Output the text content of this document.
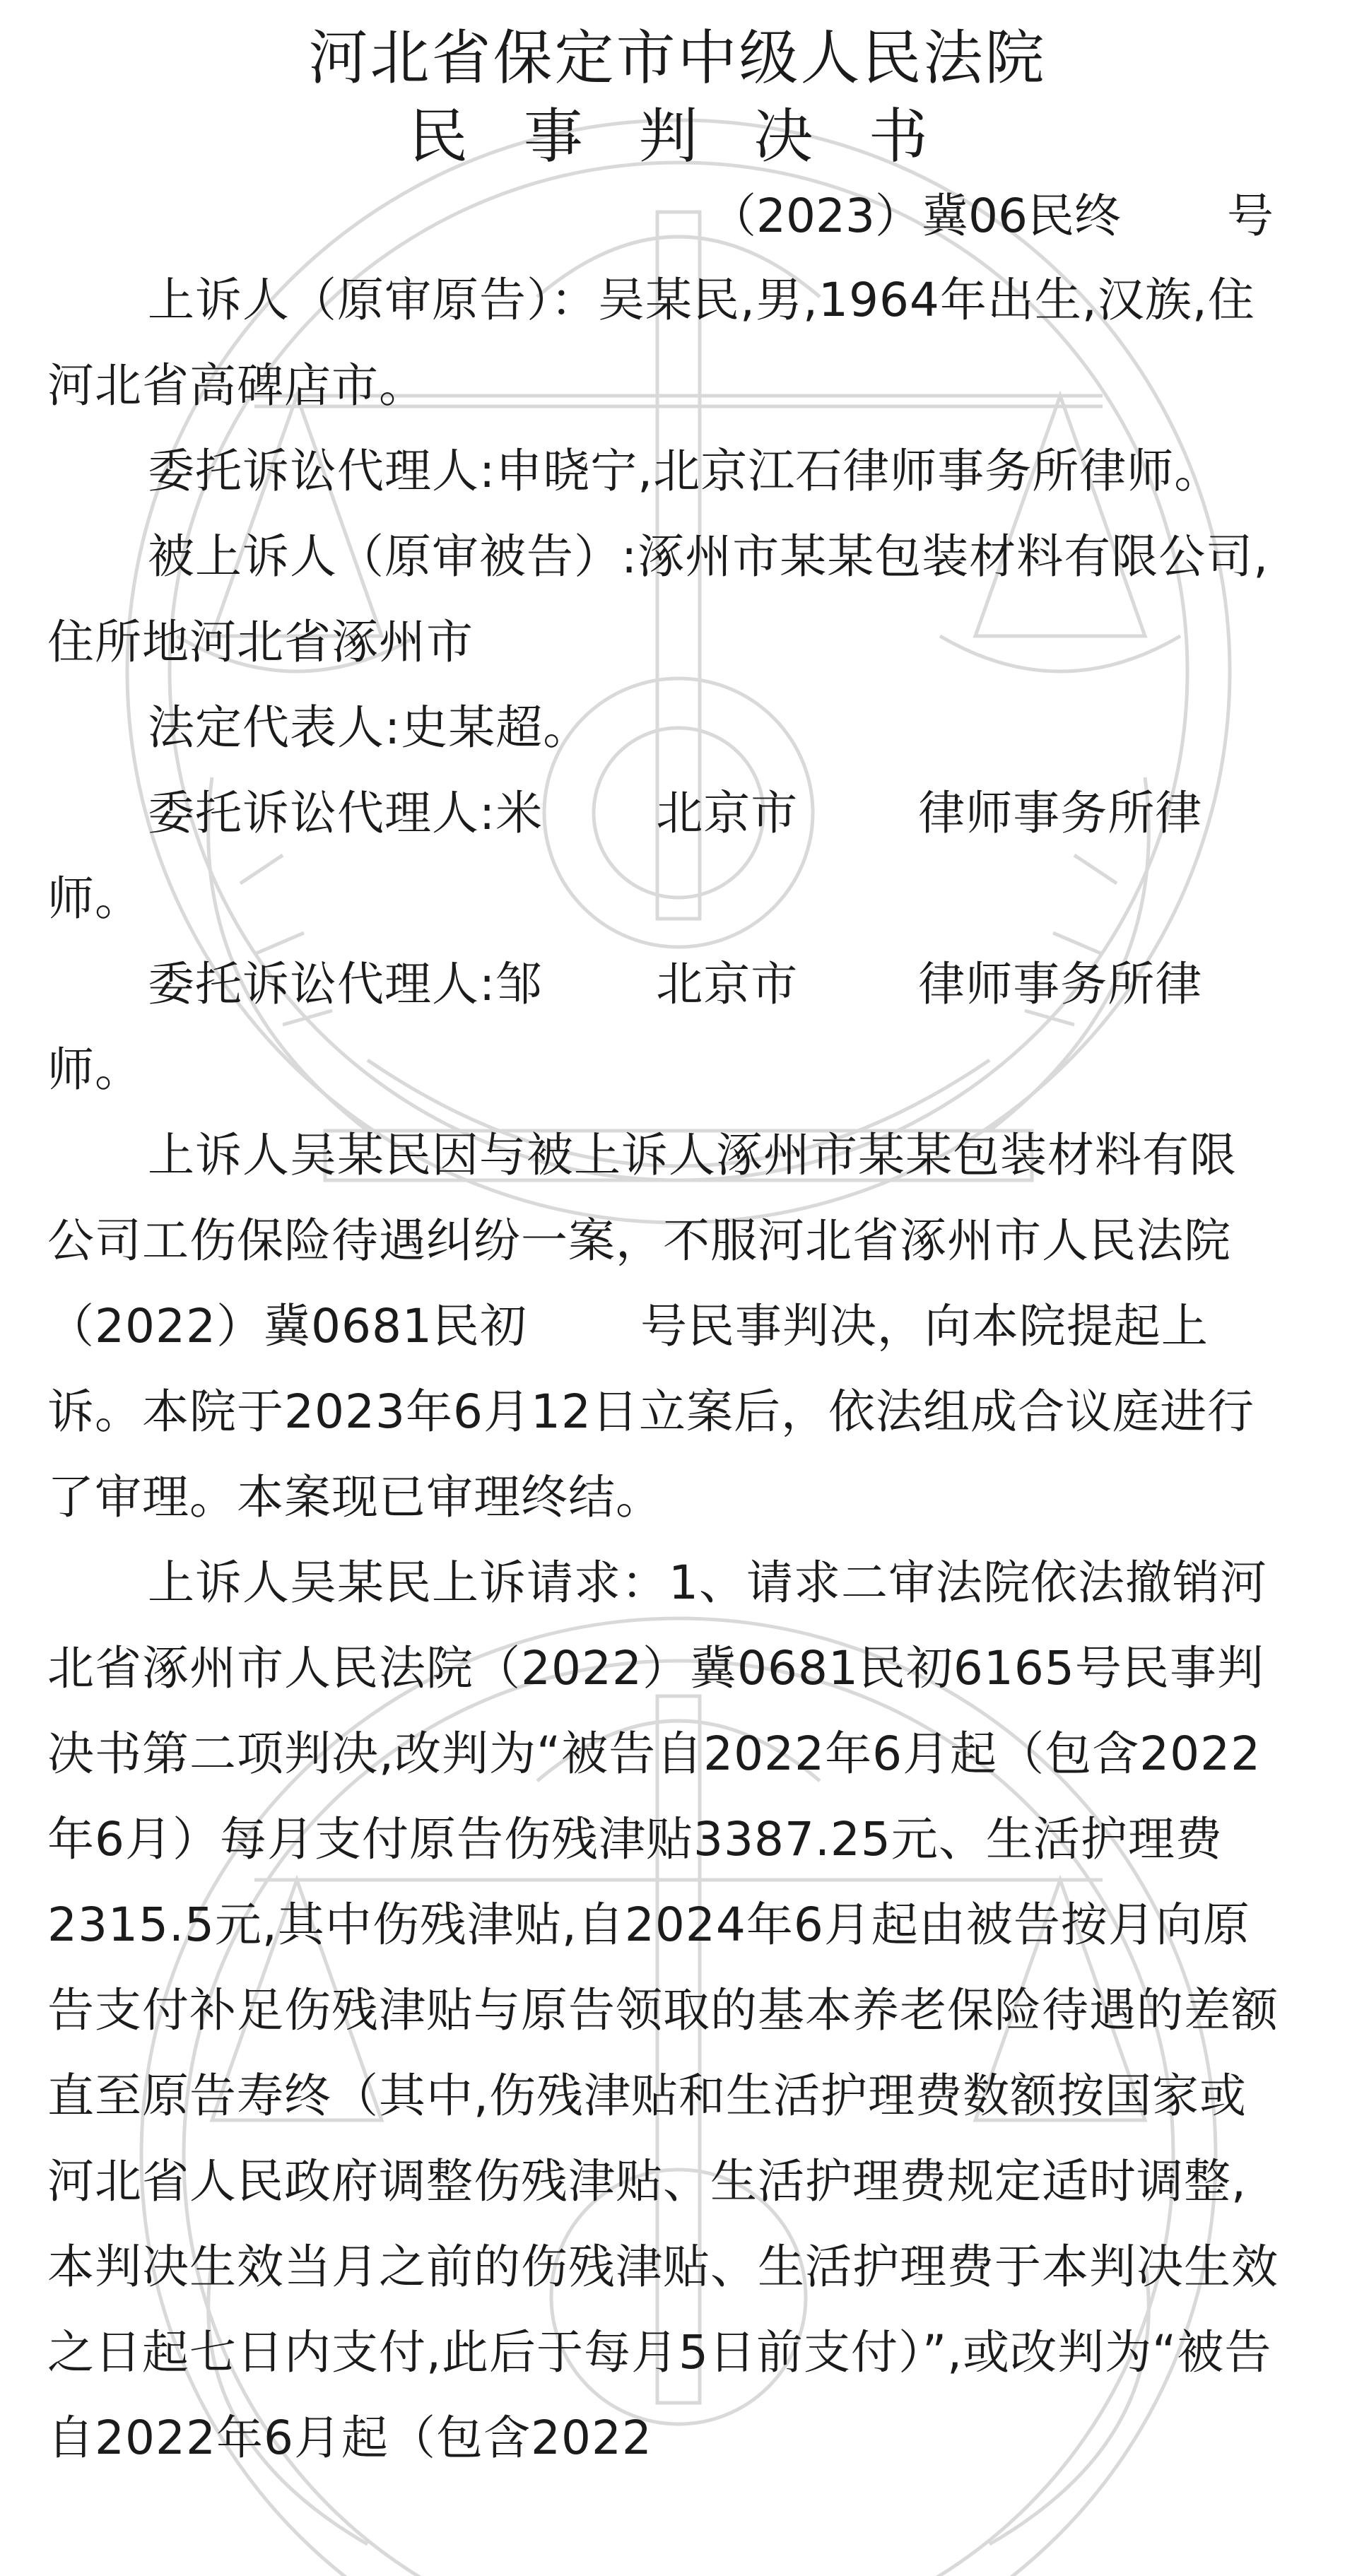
河北省保定市中级人民法院
民 事 判 决 书

（2023）冀06民终 号

上诉人（原审原告）：吴某民,男,1964年出生,汉族,住河北省高碑店市。

委托诉讼代理人:申晓宁,北京江石律师事务所律师。

被上诉人（原审被告）:涿州市某某包装材料有限公司,住所地河北省涿州市

法定代表人:史某超。

委托诉讼代理人:米 北京市	律师事务所律师。

委托诉讼代理人:邹 北京市	律师事务所律师。

上诉人吴某民因与被上诉人涿州市某某包装材料有限公司工伤保险待遇纠纷一案，不服河北省涿州市人民法院（2022）冀0681民初 号民事判决，向本院提起上诉。本院于2023年6月12日立案后，依法组成合议庭进行了审理。本案现已审理终结。

上诉人吴某民上诉请求：1、请求二审法院依法撤销河北省涿州市人民法院（2022）冀0681民初6165号民事判决书第二项判决,改判为“被告自2022年6月起（包含2022年6月）每月支付原告伤残津贴3387.25元、生活护理费2315.5元,其中伤残津贴,自2024年6月起由被告按月向原告支付补足伤残津贴与原告领取的基本养老保险待遇的差额直至原告寿终（其中,伤残津贴和生活护理费数额按国家或河北省人民政府调整伤残津贴、生活护理费规定适时调整,本判决生效当月之前的伤残津贴、生活护理费于本判决生效之日起七日内支付,此后于每月5日前支付）”,或改判为“被告自2022年6月起（包含2022
